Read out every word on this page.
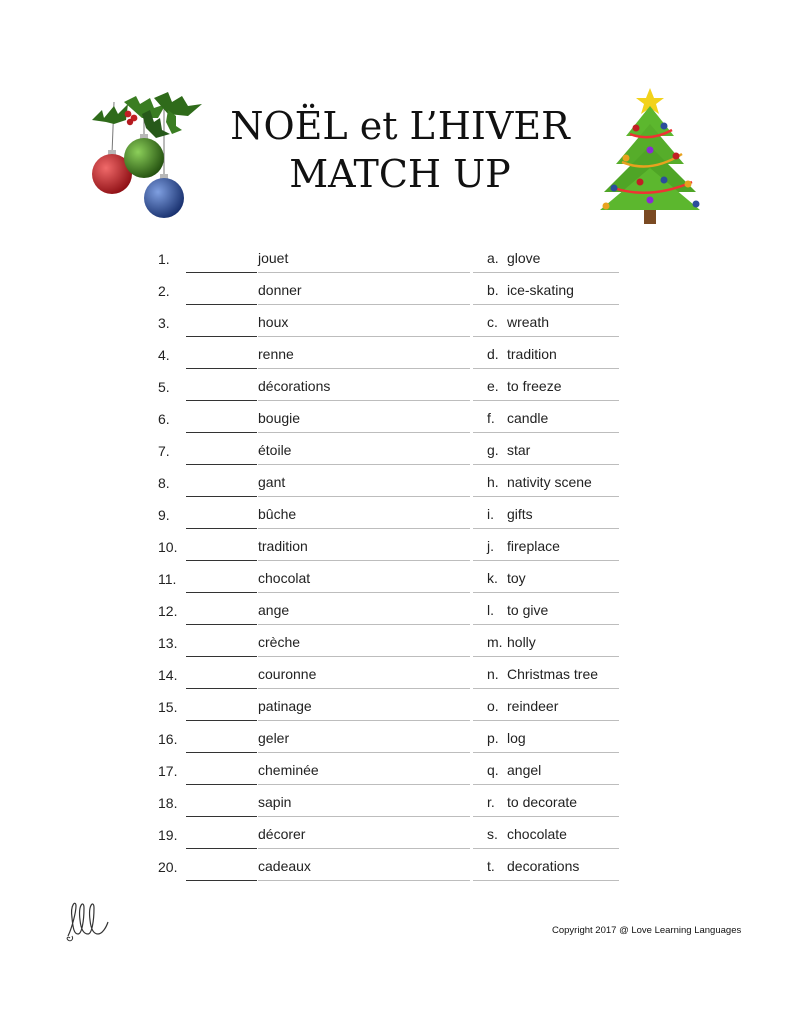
NOËL et L’HIVER
MATCH UP
1.	jouet
2.	donner
3.	houx
4.	renne
5.	décorations
6.	bougie
7.	étoile
8.	gant
9.	bûche
10.	tradition
11.	chocolat
12.	ange
13.	crèche
14.	couronne
15.	patinage
16.	geler
17.	cheminée
18.	sapin
19.	décorer
20.	cadeaux
a. glove
b. ice-skating
c. wreath
d. tradition
e. to freeze
f. candle
g. star
h. nativity scene
i. gifts
j. fireplace
k. toy
l. to give
m. holly
n. Christmas tree
o. reindeer
p. log
q. angel
r. to decorate
s. chocolate
t. decorations
Copyright 2017 @ Love Learning Languages
